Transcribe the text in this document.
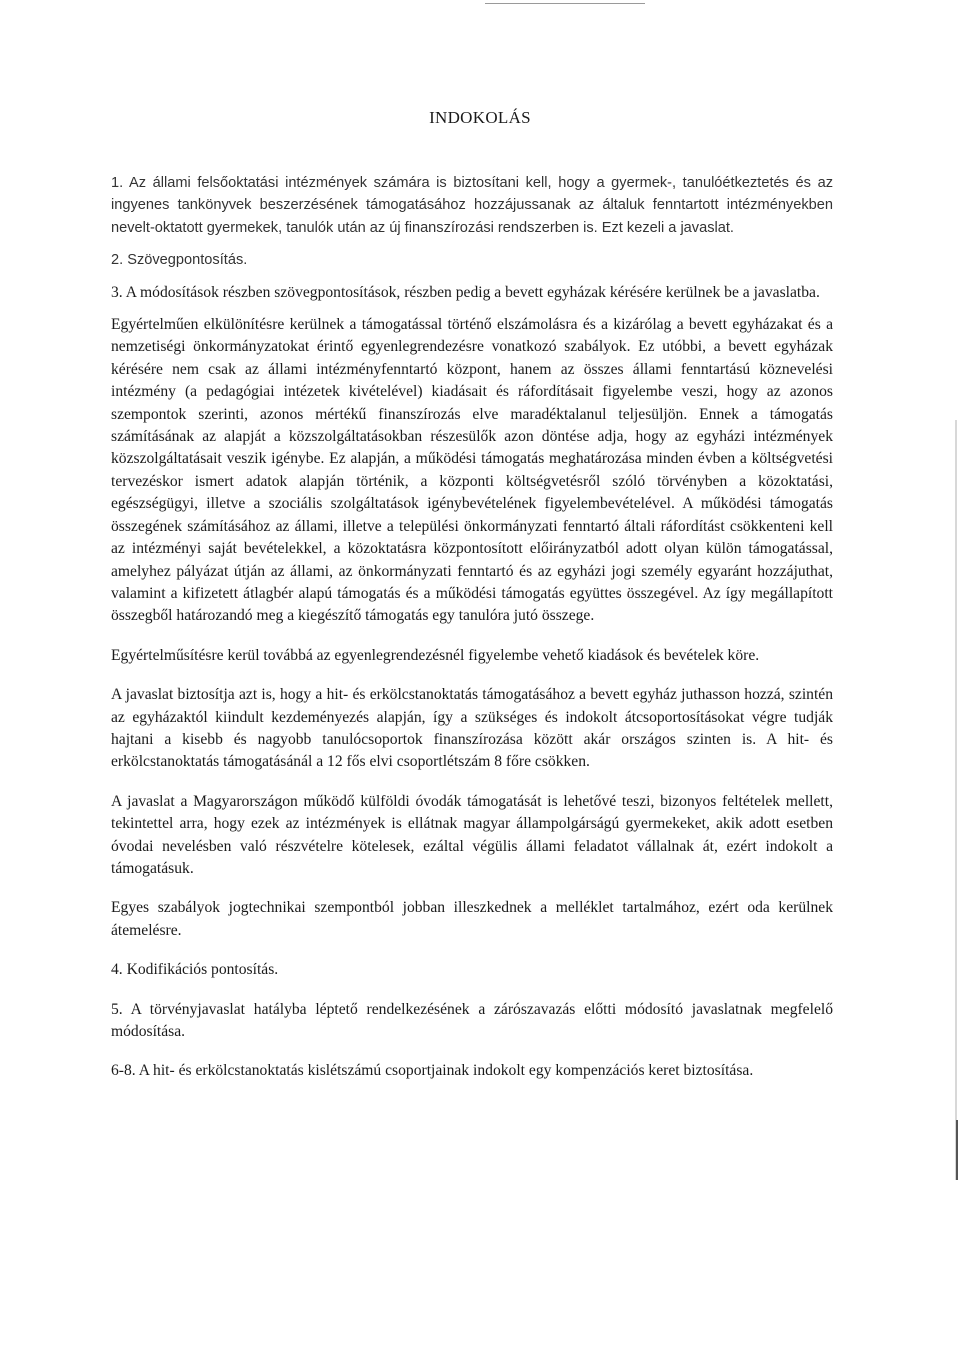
INDOKOLÁS

1. Az állami felsőoktatási intézmények számára is biztosítani kell, hogy a gyermek-, tanulóétkeztetés és az ingyenes tankönyvek beszerzésének támogatásához hozzájussanak az általuk fenntartott intézményekben nevelt-oktatott gyermekek, tanulók után az új finanszírozási rendszerben is. Ezt kezeli a javaslat.

2. Szövegpontosítás.

3. A módosítások részben szövegpontosítások, részben pedig a bevett egyházak kérésére kerülnek be a javaslatba.

Egyértelműen elkülönítésre kerülnek a támogatással történő elszámolásra és a kizárólag a bevett egyházakat és a nemzetiségi önkormányzatokat érintő egyenlegrendezésre vonatkozó szabályok. Ez utóbbi, a bevett egyházak kérésére nem csak az állami intézményfenntartó központ, hanem az összes állami fenntartású köznevelési intézmény (a pedagógiai intézetek kivételével) kiadásait és ráfordításait figyelembe veszi, hogy az azonos szempontok szerinti, azonos mértékű finanszírozás elve maradéktalanul teljesüljön. Ennek a támogatás számításának az alapját a közszolgáltatásokban részesülők azon döntése adja, hogy az egyházi intézmények közszolgáltatásait veszik igénybe. Ez alapján, a működési támogatás meghatározása minden évben a költségvetési tervezéskor ismert adatok alapján történik, a központi költségvetésről szóló törvényben a közoktatási, egészségügyi, illetve a szociális szolgáltatások igénybevételének figyelembevételével. A működési támogatás összegének számításához az állami, illetve a települési önkormányzati fenntartó általi ráfordítást csökkenteni kell az intézményi saját bevételekkel, a közoktatásra központosított előirányzatból adott olyan külön támogatással, amelyhez pályázat útján az állami, az önkormányzati fenntartó és az egyházi jogi személy egyaránt hozzájuthat, valamint a kifizetett átlagbér alapú támogatás és a működési támogatás együttes összegével. Az így megállapított összegből határozandó meg a kiegészítő támogatás egy tanulóra jutó összege.

Egyértelműsítésre kerül továbbá az egyenlegrendezésnél figyelembe vehető kiadások és bevételek köre.

A javaslat biztosítja azt is, hogy a hit- és erkölcstanoktatás támogatásához a bevett egyház juthasson hozzá, szintén az egyházaktól kiindult kezdeményezés alapján, így a szükséges és indokolt átcsoportosításokat végre tudják hajtani a kisebb és nagyobb tanulócsoportok finanszírozása között akár országos szinten is. A hit- és erkölcstanoktatás támogatásánál a 12 fős elvi csoportlétszám 8 főre csökken.

A javaslat a Magyarországon működő külföldi óvodák támogatását is lehetővé teszi, bizonyos feltételek mellett, tekintettel arra, hogy ezek az intézmények is ellátnak magyar állampolgárságú gyermekeket, akik adott esetben óvodai nevelésben való részvételre kötelesek, ezáltal végülis állami feladatot vállalnak át, ezért indokolt a támogatásuk.

Egyes szabályok jogtechnikai szempontból jobban illeszkednek a melléklet tartalmához, ezért oda kerülnek átemelésre.

4. Kodifikációs pontosítás.

5. A törvényjavaslat hatályba léptető rendelkezésének a zárószavazás előtti módosító javaslatnak megfelelő módosítása.

6-8. A hit- és erkölcstanoktatás kislétszámú csoportjainak indokolt egy kompenzációs keret biztosítása.
